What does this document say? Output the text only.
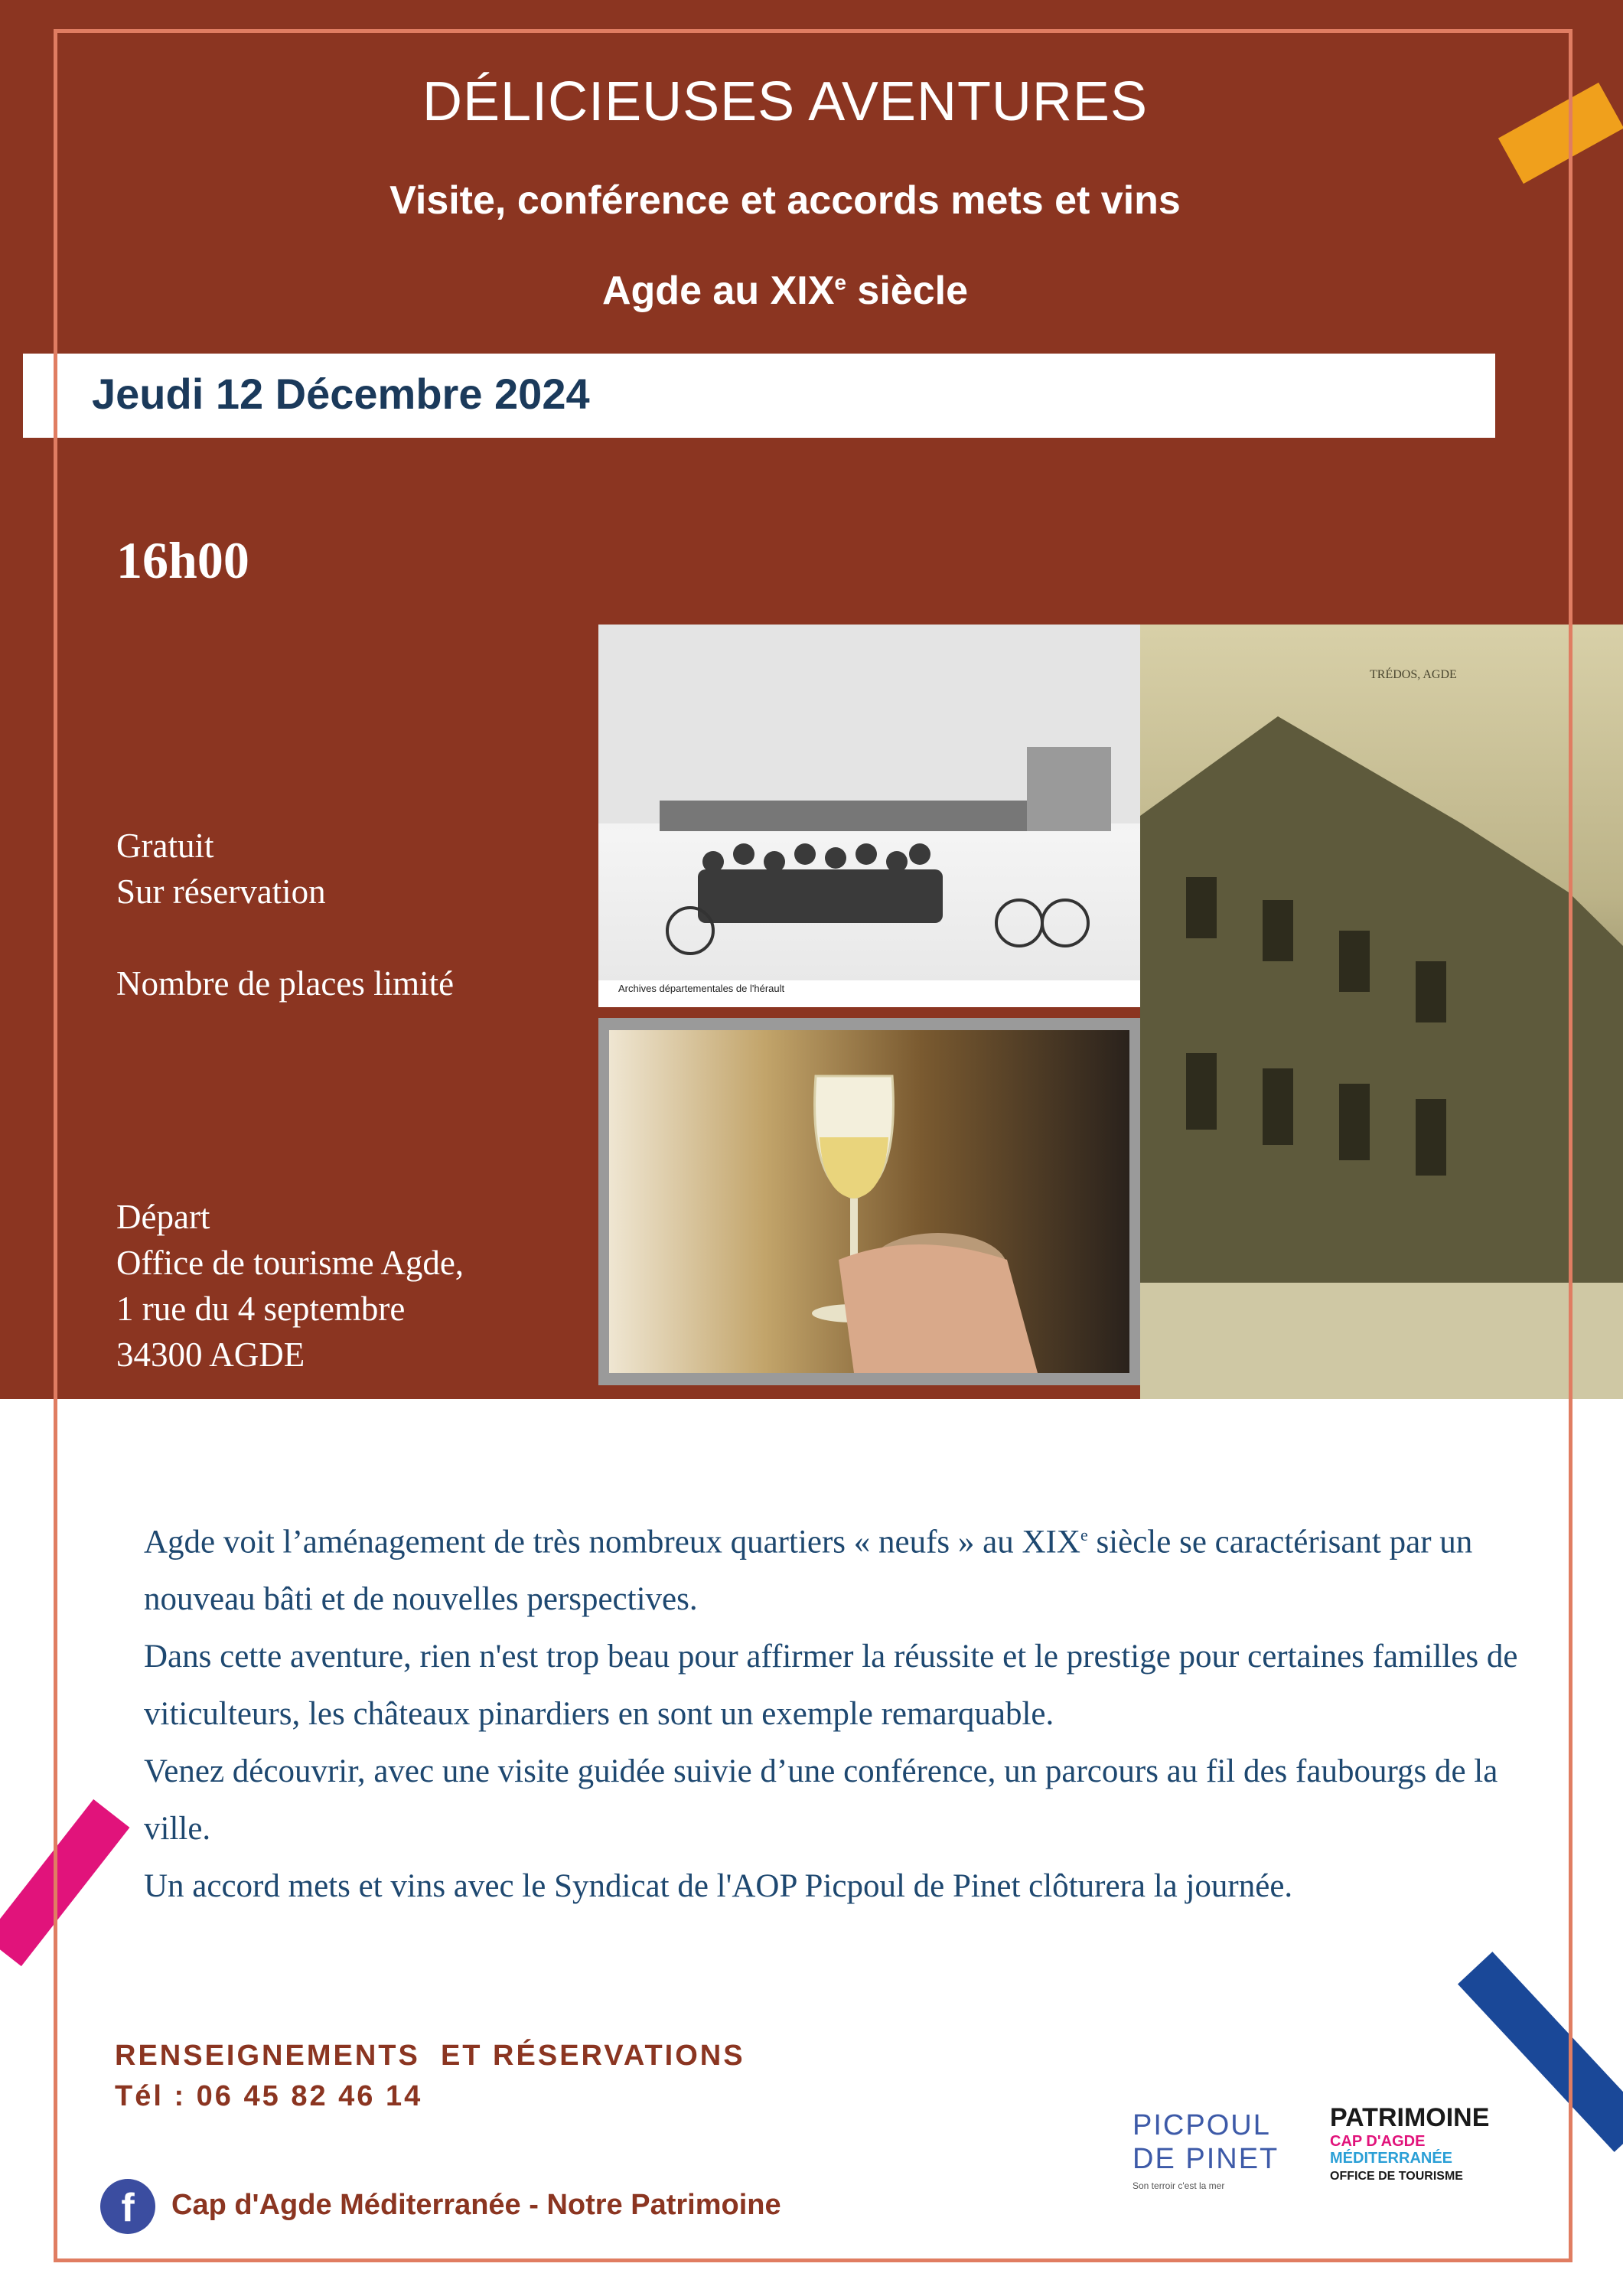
DÉLICIEUSES AVENTURES
Visite, conférence et accords mets et vins
Agde au XIXe siècle
Jeudi 12 Décembre 2024
16h00
Gratuit
Sur réservation
Nombre de places limité
Départ
Office de tourisme Agde,
1 rue du 4 septembre
34300 AGDE
Archives départementales de l'hérault
TRÉDOS, AGDE

Agde voit l’aménagement de très nombreux quartiers « neufs » au XIXe siècle se caractérisant par un nouveau bâti et de nouvelles perspectives.

Dans cette aventure, rien n'est trop beau pour affirmer la réussite et le prestige pour certaines familles de viticulteurs, les châteaux pinardiers en sont un exemple remarquable.

Venez découvrir, avec une visite guidée suivie d’une conférence, un parcours au fil des faubourgs de la ville.

Un accord mets et vins avec le Syndicat de l'AOP Picpoul de Pinet clôturera la journée.

RENSEIGNEMENTS  ET RÉSERVATIONS
Tél : 06 45 82 46 14
f	Cap d'Agde Méditerranée - Notre Patrimoine
PICPOUL
DE PINET
Son terroir c'est la mer
PATRIMOINE
CAP D'AGDE
MÉDITERRANÉE
OFFICE DE TOURISME
